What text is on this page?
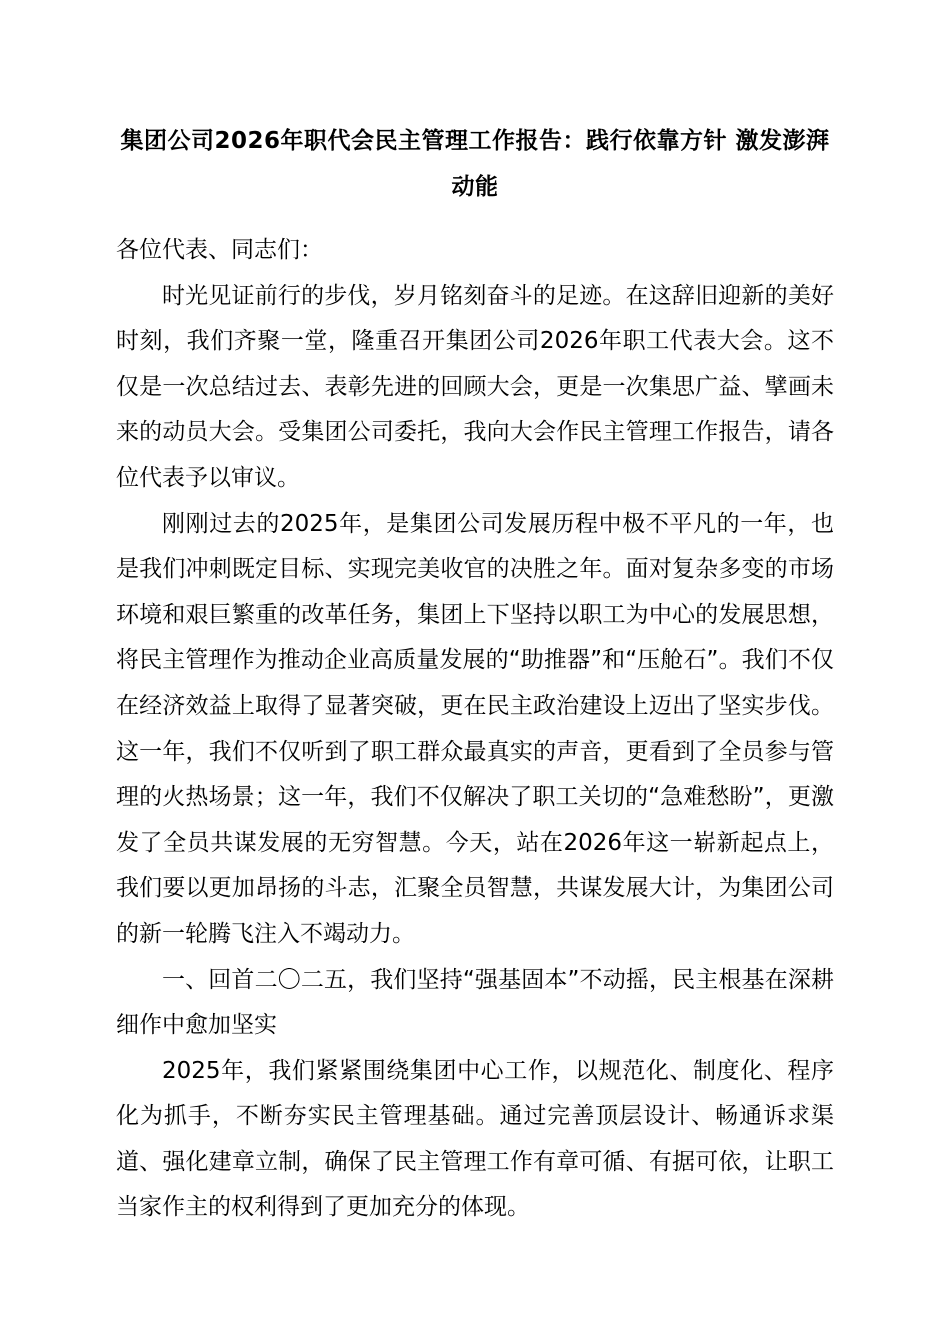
集团公司2026年职代会民主管理工作报告：践行依靠方针 激发澎湃动能

各位代表、同志们：

时光见证前行的步伐，岁月铭刻奋斗的足迹。在这辞旧迎新的美好时刻，我们齐聚一堂，隆重召开集团公司2026年职工代表大会。这不仅是一次总结过去、表彰先进的回顾大会，更是一次集思广益、擘画未来的动员大会。受集团公司委托，我向大会作民主管理工作报告，请各位代表予以审议。

刚刚过去的2025年，是集团公司发展历程中极不平凡的一年，也是我们冲刺既定目标、实现完美收官的决胜之年。面对复杂多变的市场环境和艰巨繁重的改革任务，集团上下坚持以职工为中心的发展思想，将民主管理作为推动企业高质量发展的“助推器”和“压舱石”。我们不仅在经济效益上取得了显著突破，更在民主政治建设上迈出了坚实步伐。这一年，我们不仅听到了职工群众最真实的声音，更看到了全员参与管理的火热场景；这一年，我们不仅解决了职工关切的“急难愁盼”，更激发了全员共谋发展的无穷智慧。今天，站在2026年这一崭新起点上，我们要以更加昂扬的斗志，汇聚全员智慧，共谋发展大计，为集团公司的新一轮腾飞注入不竭动力。

一、回首二〇二五，我们坚持“强基固本”不动摇，民主根基在深耕细作中愈加坚实

2025年，我们紧紧围绕集团中心工作，以规范化、制度化、程序化为抓手，不断夯实民主管理基础。通过完善顶层设计、畅通诉求渠道、强化建章立制，确保了民主管理工作有章可循、有据可依，让职工当家作主的权利得到了更加充分的体现。
